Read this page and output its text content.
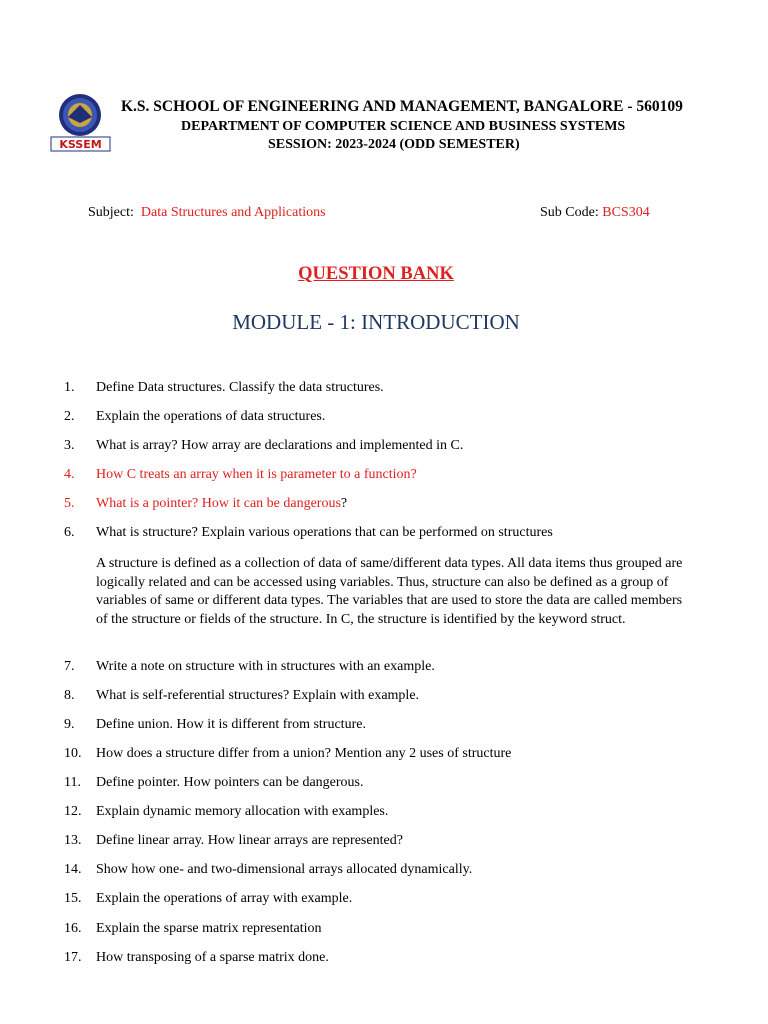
KSSEM
K.S. SCHOOL OF ENGINEERING AND MANAGEMENT, BANGALORE - 560109
DEPARTMENT OF COMPUTER SCIENCE AND BUSINESS SYSTEMS
SESSION: 2023-2024 (ODD SEMESTER)
Subject: Data Structures and Applications	Sub Code: BCS304
QUESTION BANK
MODULE - 1: INTRODUCTION
1. Define Data structures. Classify the data structures.
2. Explain the operations of data structures.
3. What is array? How array are declarations and implemented in C.
4. How C treats an array when it is parameter to a function?
5. What is a pointer? How it can be dangerous?
6. What is structure? Explain various operations that can be performed on structures
A structure is defined as a collection of data of same/different data types. All data items thus grouped are logically related and can be accessed using variables. Thus, structure can also be defined as a group of variables of same or different data types. The variables that are used to store the data are called members of the structure or fields of the structure. In C, the structure is identified by the keyword struct.
7. Write a note on structure with in structures with an example.
8. What is self-referential structures? Explain with example.
9. Define union. How it is different from structure.
10. How does a structure differ from a union? Mention any 2 uses of structure
11. Define pointer. How pointers can be dangerous.
12. Explain dynamic memory allocation with examples.
13. Define linear array. How linear arrays are represented?
14. Show how one- and two-dimensional arrays allocated dynamically.
15. Explain the operations of array with example.
16. Explain the sparse matrix representation
17. How transposing of a sparse matrix done.
